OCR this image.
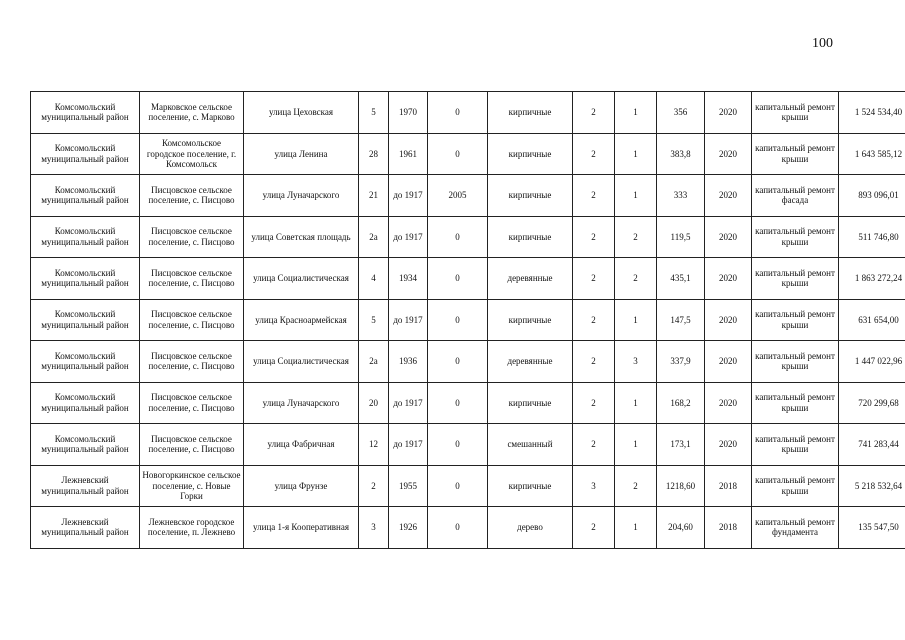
100
Комсомольский муниципальный район	Марковское сельское поселение, с. Марково	улица Цеховская	5	1970	0	кирпичные	2	1	356	2020	капитальный ремонт крыши	1 524 534,40
Комсомольский муниципальный район	Комсомольское городское поселение, г. Комсомольск	улица Ленина	28	1961	0	кирпичные	2	1	383,8	2020	капитальный ремонт крыши	1 643 585,12
Комсомольский муниципальный район	Писцовское сельское поселение, с. Писцово	улица Луначарского	21	до 1917	2005	кирпичные	2	1	333	2020	капитальный ремонт фасада	893 096,01
Комсомольский муниципальный район	Писцовское сельское поселение, с. Писцово	улица Советская площадь	2а	до 1917	0	кирпичные	2	2	119,5	2020	капитальный ремонт крыши	511 746,80
Комсомольский муниципальный район	Писцовское сельское поселение, с. Писцово	улица Социалистическая	4	1934	0	деревянные	2	2	435,1	2020	капитальный ремонт крыши	1 863 272,24
Комсомольский муниципальный район	Писцовское сельское поселение, с. Писцово	улица Красноармейская	5	до 1917	0	кирпичные	2	1	147,5	2020	капитальный ремонт крыши	631 654,00
Комсомольский муниципальный район	Писцовское сельское поселение, с. Писцово	улица Социалистическая	2а	1936	0	деревянные	2	3	337,9	2020	капитальный ремонт крыши	1 447 022,96
Комсомольский муниципальный район	Писцовское сельское поселение, с. Писцово	улица Луначарского	20	до 1917	0	кирпичные	2	1	168,2	2020	капитальный ремонт крыши	720 299,68
Комсомольский муниципальный район	Писцовское сельское поселение, с. Писцово	улица Фабричная	12	до 1917	0	смешанный	2	1	173,1	2020	капитальный ремонт крыши	741 283,44
Лежневский муниципальный район	Новогоркинское сельское поселение, с. Новые Горки	улица Фрунзе	2	1955	0	кирпичные	3	2	1218,60	2018	капитальный ремонт крыши	5 218 532,64
Лежневский муниципальный район	Лежневское городское поселение, п. Лежнево	улица 1-я Кооперативная	3	1926	0	дерево	2	1	204,60	2018	капитальный ремонт фундамента	135 547,50
